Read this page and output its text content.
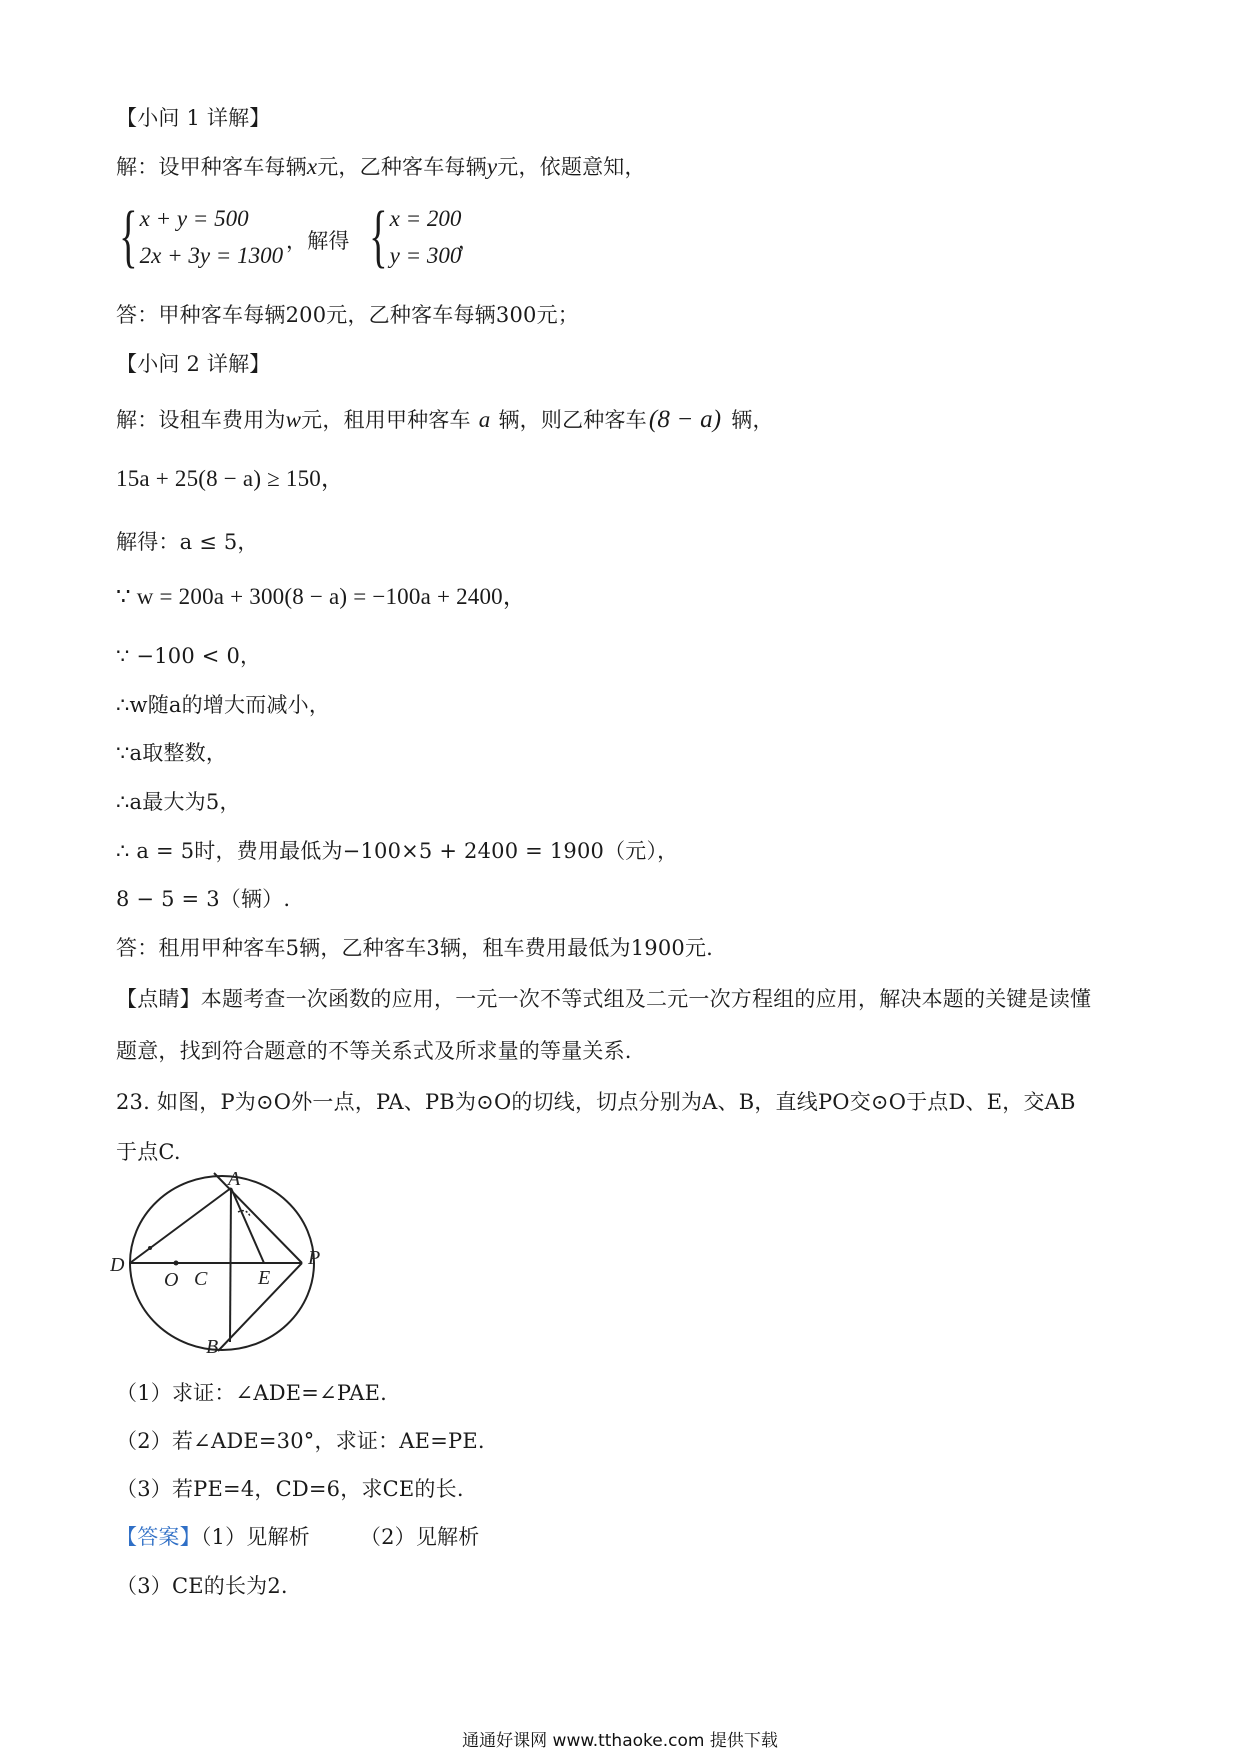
【小问 1 详解】
解：设甲种客车每辆x元，乙种客车每辆y元，依题意知，
{ x + y = 500
2x + 3y = 1300
，解得 { x = 200
y = 300
，
答：甲种客车每辆200元，乙种客车每辆300元；
【小问 2 详解】
解：设租车费用为w元，租用甲种客车 a 辆，则乙种客车(8 − a) 辆，
15a + 25(8 − a) ≥ 150，
解得：a ≤ 5，
∵ w = 200a + 300(8 − a) = −100a + 2400，
∵ −100 < 0，
∴w随a的增大而减小，
∵a取整数，
∴a最大为5，
∴ a = 5时，费用最低为−100×5 + 2400 = 1900（元），
8 − 5 = 3（辆）.
答：租用甲种客车5辆，乙种客车3辆，租车费用最低为1900元.
【点睛】本题考查一次函数的应用，一元一次不等式组及二元一次方程组的应用，解决本题的关键是读懂
题意，找到符合题意的不等关系式及所求量的等量关系.
23. 如图，P为⊙O外一点，PA、PB为⊙O的切线，切点分别为A、B，直线PO交⊙O于点D、E，交AB
于点C.
A
B
C
D
E
O
P
（1）求证：∠ADE=∠PAE.
（2）若∠ADE=30°，求证：AE=PE.
（3）若PE=4，CD=6，求CE的长.
【答案】（1）见解析 （2）见解析
（3）CE的长为2.
通通好课网 www.tthaoke.com 提供下载
